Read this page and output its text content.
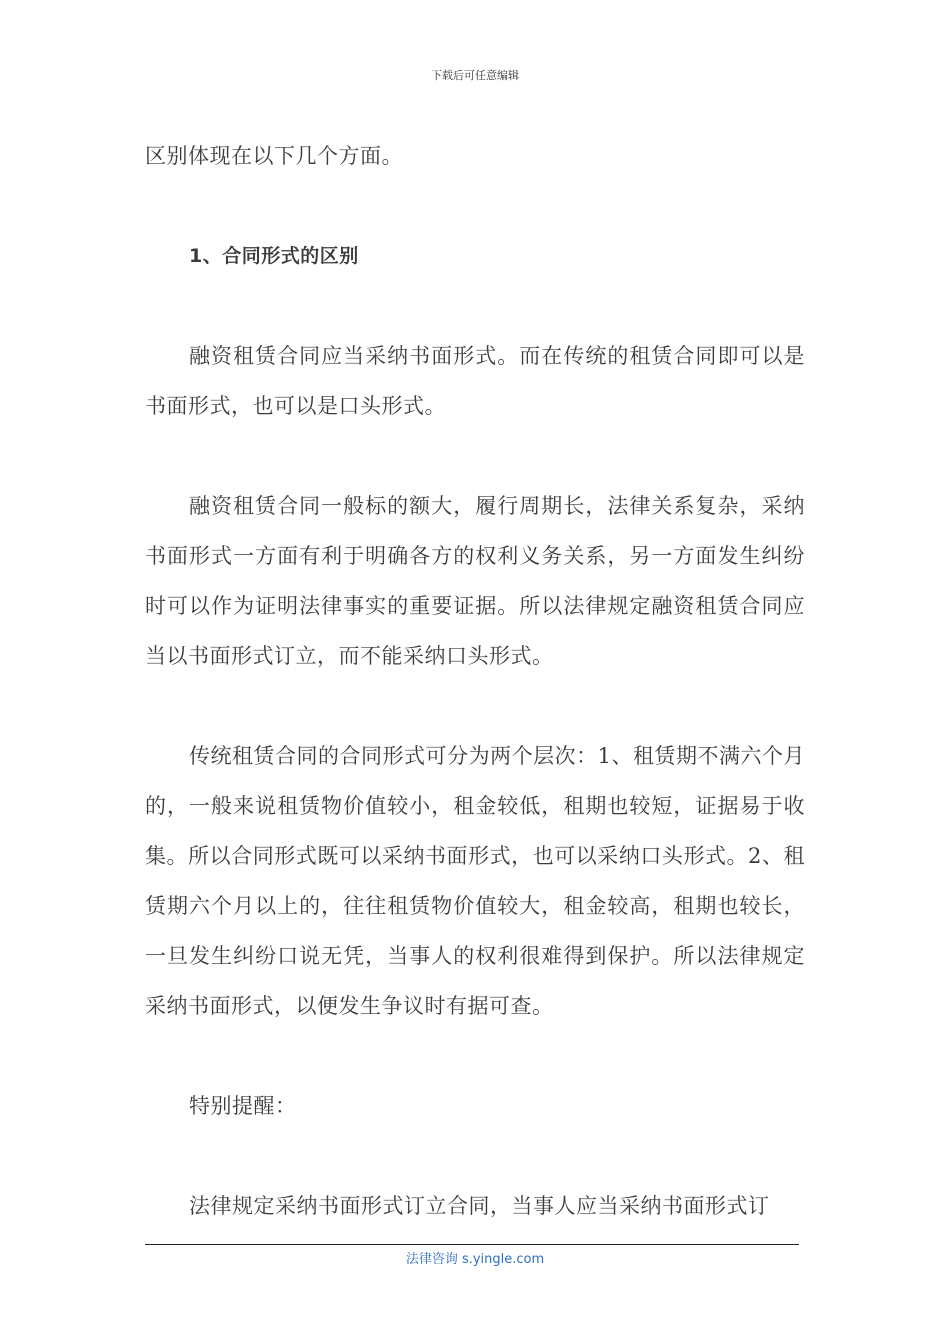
下载后可任意编辑

区别体现在以下几个方面。

1、合同形式的区别

融资租赁合同应当采纳书面形式。而在传统的租赁合同即可以是书面形式，也可以是口头形式。

融资租赁合同一般标的额大，履行周期长，法律关系复杂，采纳书面形式一方面有利于明确各方的权利义务关系，另一方面发生纠纷时可以作为证明法律事实的重要证据。所以法律规定融资租赁合同应当以书面形式订立，而不能采纳口头形式。

传统租赁合同的合同形式可分为两个层次：1、租赁期不满六个月的，一般来说租赁物价值较小，租金较低，租期也较短，证据易于收集。所以合同形式既可以采纳书面形式，也可以采纳口头形式。2、租赁期六个月以上的，往往租赁物价值较大，租金较高，租期也较长，一旦发生纠纷口说无凭，当事人的权利很难得到保护。所以法律规定采纳书面形式，以便发生争议时有据可查。

特别提醒：

法律规定采纳书面形式订立合同，当事人应当采纳书面形式订

法律咨询 s.yingle.com
